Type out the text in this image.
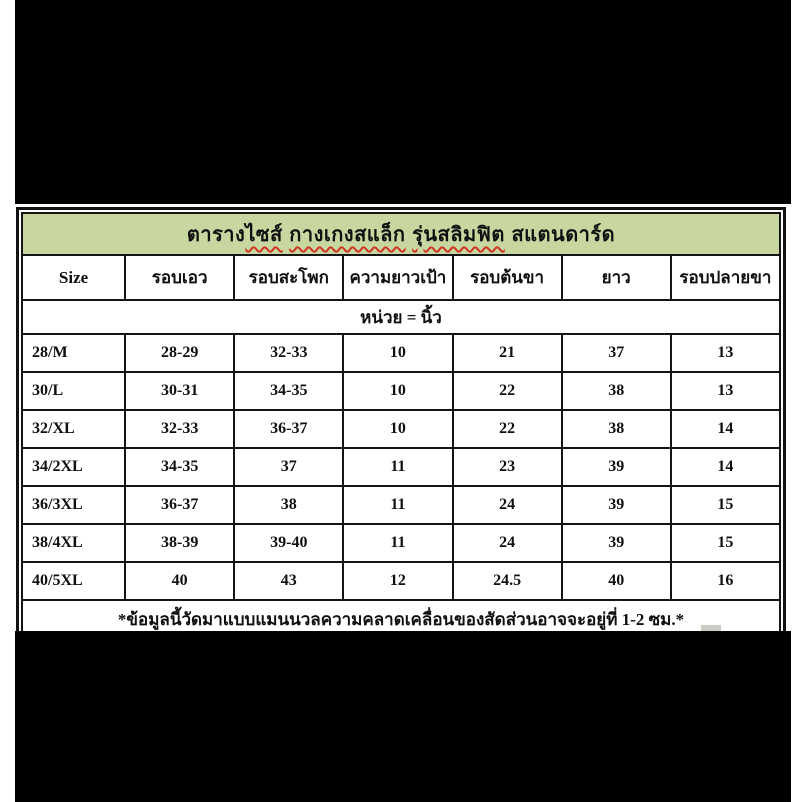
ตารางไซส์ กางเกงสแล็ก รุ่นสลิมฟิต สแตนดาร์ด						
Size	รอบเอว	รอบสะโพก	ความยาวเป้า	รอบต้นขา	ยาว	รอบปลายขา
หน่วย = นิ้ว						
28/M	28-29	32-33	10	21	37	13
30/L	30-31	34-35	10	22	38	13
32/XL	32-33	36-37	10	22	38	14
34/2XL	34-35	37	11	23	39	14
36/3XL	36-37	38	11	24	39	15
38/4XL	38-39	39-40	11	24	39	15
40/5XL	40	43	12	24.5	40	16
*ข้อมูลนี้วัดมาแบบแมนนวลความคลาดเคลื่อนของสัดส่วนอาจจะอยู่ที่ 1-2 ซม.*						
